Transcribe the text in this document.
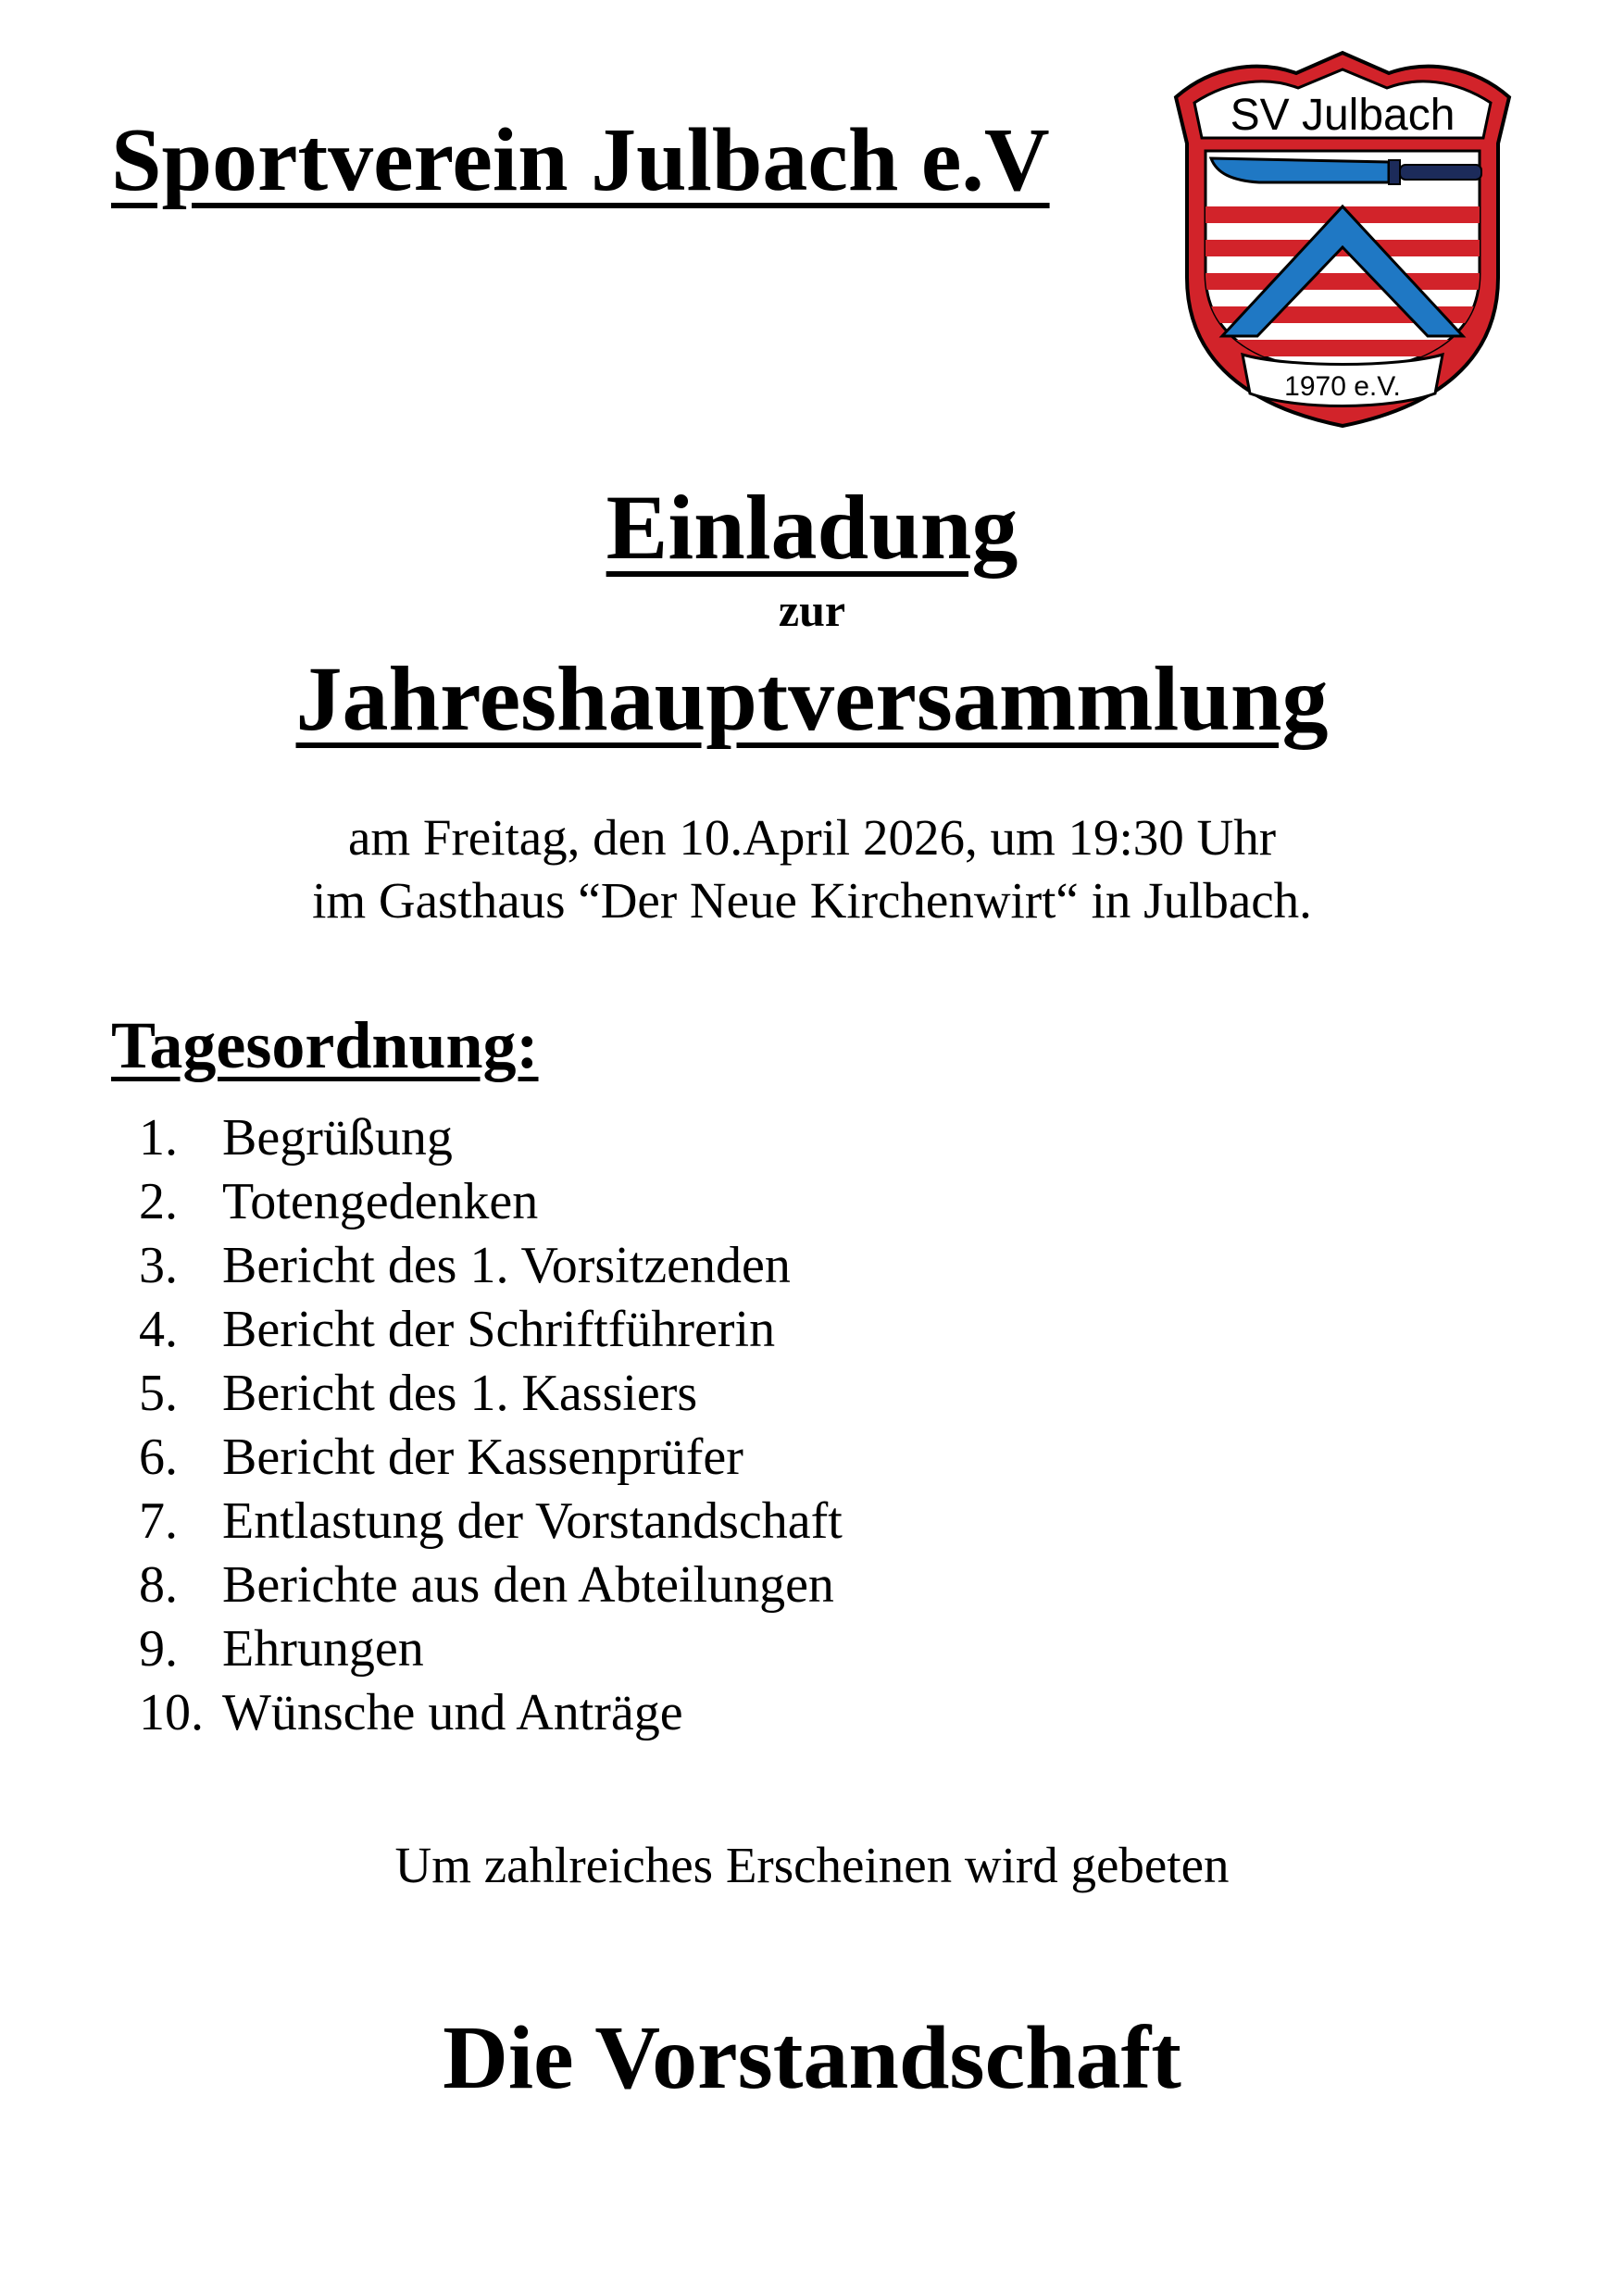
Sportverein Julbach e.V	SV Julbach
1970 e.V.
Einladung
zur
Jahreshauptversammlung
am Freitag, den 10.April 2026, um 19:30 Uhr
im Gasthaus “Der Neue Kirchenwirt“ in Julbach.
Tagesordnung:
1. Begrüßung
2. Totengedenken
3. Bericht des 1. Vorsitzenden
4. Bericht der Schriftführerin
5. Bericht des 1. Kassiers
6. Bericht der Kassenprüfer
7. Entlastung der Vorstandschaft
8. Berichte aus den Abteilungen
9. Ehrungen
10. Wünsche und Anträge
Um zahlreiches Erscheinen wird gebeten
Die Vorstandschaft
